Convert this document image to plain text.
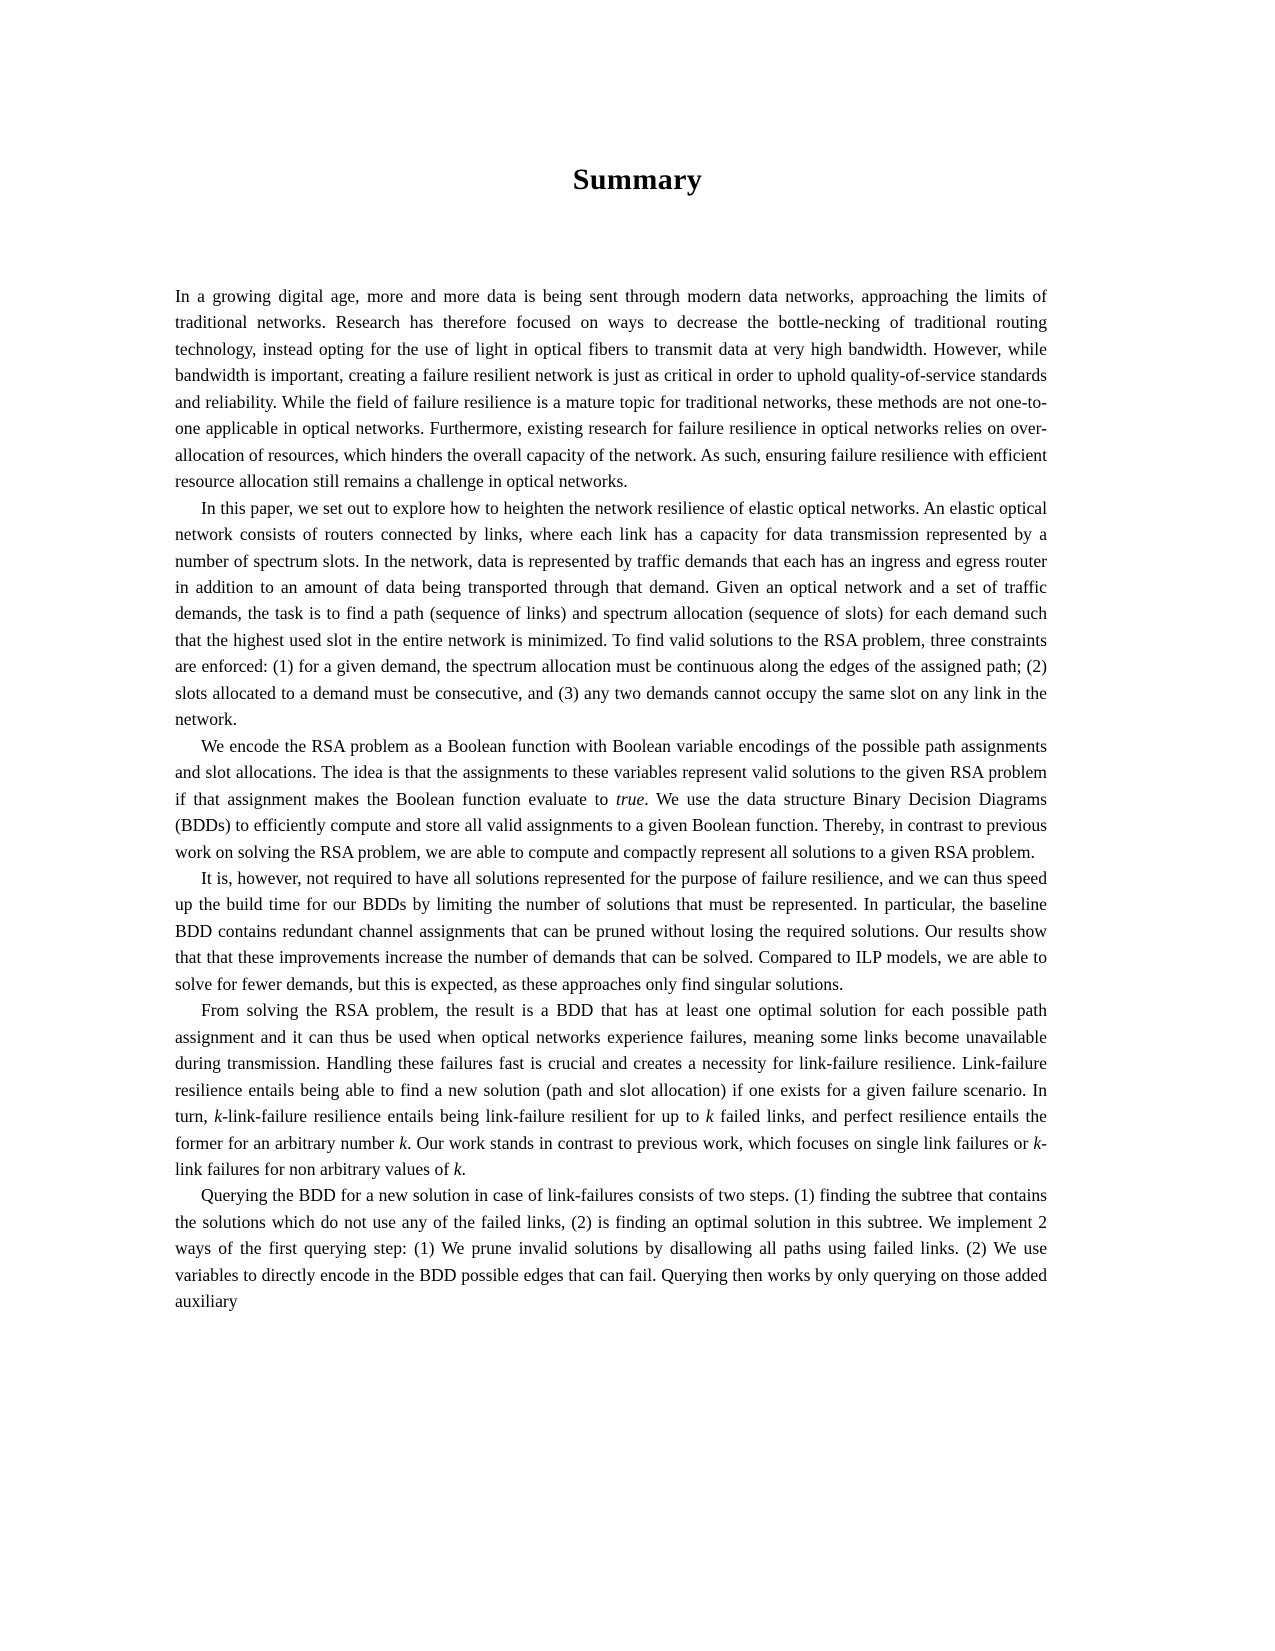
Summary

In a growing digital age, more and more data is being sent through modern data networks, approaching the limits of traditional networks. Research has therefore focused on ways to decrease the bottle-necking of traditional routing technology, instead opting for the use of light in optical fibers to transmit data at very high bandwidth. However, while bandwidth is important, creating a failure resilient network is just as critical in order to uphold quality-of-service standards and reliability. While the field of failure resilience is a mature topic for traditional networks, these methods are not one-to-one applicable in optical networks. Furthermore, existing research for failure resilience in optical networks relies on over-allocation of resources, which hinders the overall capacity of the network. As such, ensuring failure resilience with efficient resource allocation still remains a challenge in optical networks.

In this paper, we set out to explore how to heighten the network resilience of elastic optical networks. An elastic optical network consists of routers connected by links, where each link has a capacity for data transmission represented by a number of spectrum slots. In the network, data is represented by traffic demands that each has an ingress and egress router in addition to an amount of data being transported through that demand. Given an optical network and a set of traffic demands, the task is to find a path (sequence of links) and spectrum allocation (sequence of slots) for each demand such that the highest used slot in the entire network is minimized. To find valid solutions to the RSA problem, three constraints are enforced: (1) for a given demand, the spectrum allocation must be continuous along the edges of the assigned path; (2) slots allocated to a demand must be consecutive, and (3) any two demands cannot occupy the same slot on any link in the network.

We encode the RSA problem as a Boolean function with Boolean variable encodings of the possible path assignments and slot allocations. The idea is that the assignments to these variables represent valid solutions to the given RSA problem if that assignment makes the Boolean function evaluate to true. We use the data structure Binary Decision Diagrams (BDDs) to efficiently compute and store all valid assignments to a given Boolean function. Thereby, in contrast to previous work on solving the RSA problem, we are able to compute and compactly represent all solutions to a given RSA problem.

It is, however, not required to have all solutions represented for the purpose of failure resilience, and we can thus speed up the build time for our BDDs by limiting the number of solutions that must be represented. In particular, the baseline BDD contains redundant channel assignments that can be pruned without losing the required solutions. Our results show that that these improvements increase the number of demands that can be solved. Compared to ILP models, we are able to solve for fewer demands, but this is expected, as these approaches only find singular solutions.

From solving the RSA problem, the result is a BDD that has at least one optimal solution for each possible path assignment and it can thus be used when optical networks experience failures, meaning some links become unavailable during transmission. Handling these failures fast is crucial and creates a necessity for link-failure resilience. Link-failure resilience entails being able to find a new solution (path and slot allocation) if one exists for a given failure scenario. In turn, k-link-failure resilience entails being link-failure resilient for up to k failed links, and perfect resilience entails the former for an arbitrary number k. Our work stands in contrast to previous work, which focuses on single link failures or k-link failures for non arbitrary values of k.

Querying the BDD for a new solution in case of link-failures consists of two steps. (1) finding the subtree that contains the solutions which do not use any of the failed links, (2) is finding an optimal solution in this subtree. We implement 2 ways of the first querying step: (1) We prune invalid solutions by disallowing all paths using failed links. (2) We use variables to directly encode in the BDD possible edges that can fail. Querying then works by only querying on those added auxiliary
